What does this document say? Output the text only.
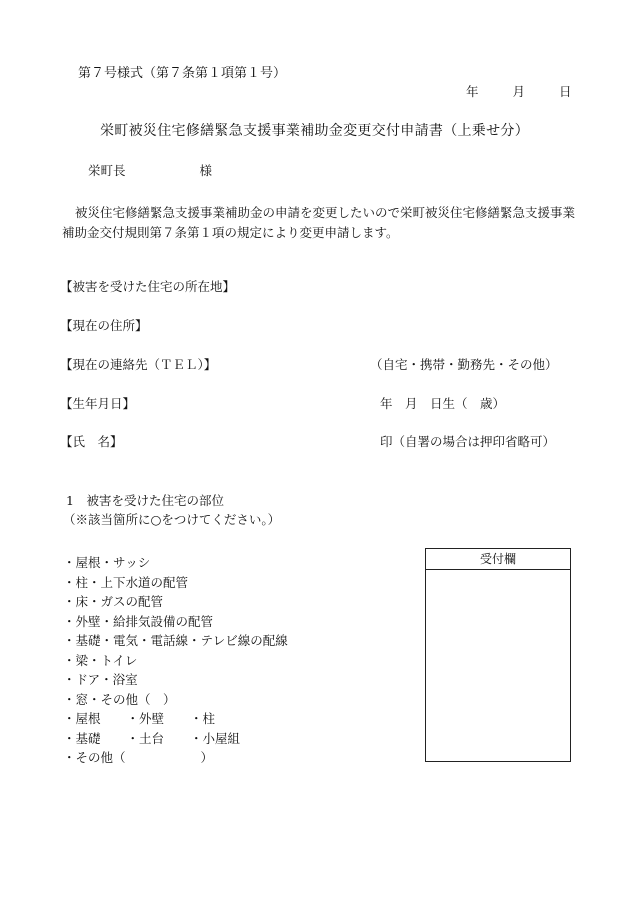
第７号様式（第７条第１項第１号）
年	月	日
栄町被災住宅修繕緊急支援事業補助金変更交付申請書（上乗せ分）
栄町長	様
被災住宅修繕緊急支援事業補助金の申請を変更したいので栄町被災住宅修繕緊急支援事業補助金交付規則第７条第１項の規定により変更申請します。
【被害を受けた住宅の所在地】
【現在の住所】
【現在の連絡先（ＴＥＬ）】	（自宅・携帯・勤務先・その他）
【生年月日】	年　月　日生（　歳）
【氏　名】	印（自署の場合は押印省略可）
1　被害を受けた住宅の部位
（※該当箇所に○をつけてください。）
・屋根・サッシ
・柱・上下水道の配管
・床・ガスの配管
・外壁・給排気設備の配管
・基礎・電気・電話線・テレビ線の配線
・梁・トイレ
・ドア・浴室
・窓・その他（　）
・屋根 ・外壁 ・柱
・基礎 ・土台 ・小屋組
・その他（　　　　　　）
受付欄
